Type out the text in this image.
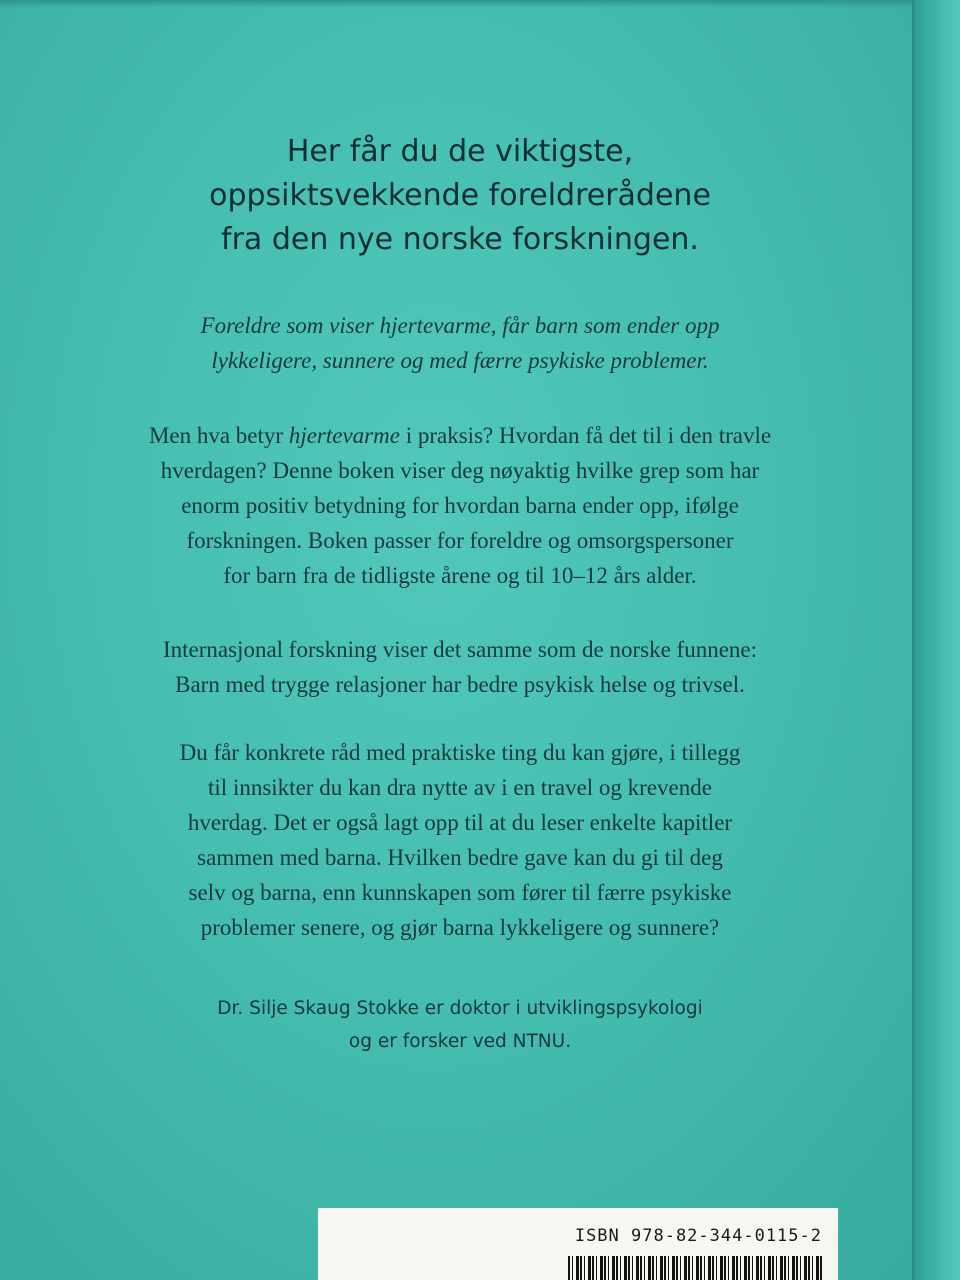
Her får du de viktigste,
oppsiktsvekkende foreldrerådene
fra den nye norske forskningen.
Foreldre som viser hjertevarme, får barn som ender opp
lykkeligere, sunnere og med færre psykiske problemer.
Men hva betyr hjertevarme i praksis? Hvordan få det til i den travle
hverdagen? Denne boken viser deg nøyaktig hvilke grep som har
enorm positiv betydning for hvordan barna ender opp, ifølge
forskningen. Boken passer for foreldre og omsorgspersoner
for barn fra de tidligste årene og til 10–12 års alder.
Internasjonal forskning viser det samme som de norske funnene:
Barn med trygge relasjoner har bedre psykisk helse og trivsel.
Du får konkrete råd med praktiske ting du kan gjøre, i tillegg
til innsikter du kan dra nytte av i en travel og krevende
hverdag. Det er også lagt opp til at du leser enkelte kapitler
sammen med barna. Hvilken bedre gave kan du gi til deg
selv og barna, enn kunnskapen som fører til færre psykiske
problemer senere, og gjør barna lykkeligere og sunnere?
Dr. Silje Skaug Stokke er doktor i utviklingspsykologi
og er forsker ved NTNU.
ISBN 978-82-344-0115-2
